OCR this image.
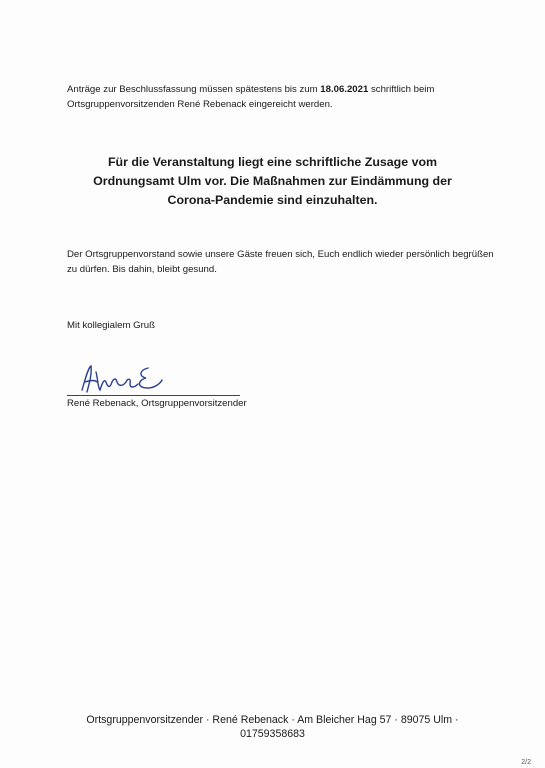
Anträge zur Beschlussfassung müssen spätestens bis zum 18.06.2021 schriftlich beim Ortsgruppenvorsitzenden René Rebenack eingereicht werden.

Für die Veranstaltung liegt eine schriftliche Zusage vom
Ordnungsamt Ulm vor. Die Maßnahmen zur Eindämmung der
Corona-Pandemie sind einzuhalten.

Der Ortsgruppenvorstand sowie unsere Gäste freuen sich, Euch endlich wieder persönlich begrüßen zu dürfen. Bis dahin, bleibt gesund.

Mit kollegialem Gruß

René Rebenack, Ortsgruppenvorsitzender

Ortsgruppenvorsitzender · René Rebenack · Am Bleicher Hag 57 · 89075 Ulm ·
01759358683
2/2
